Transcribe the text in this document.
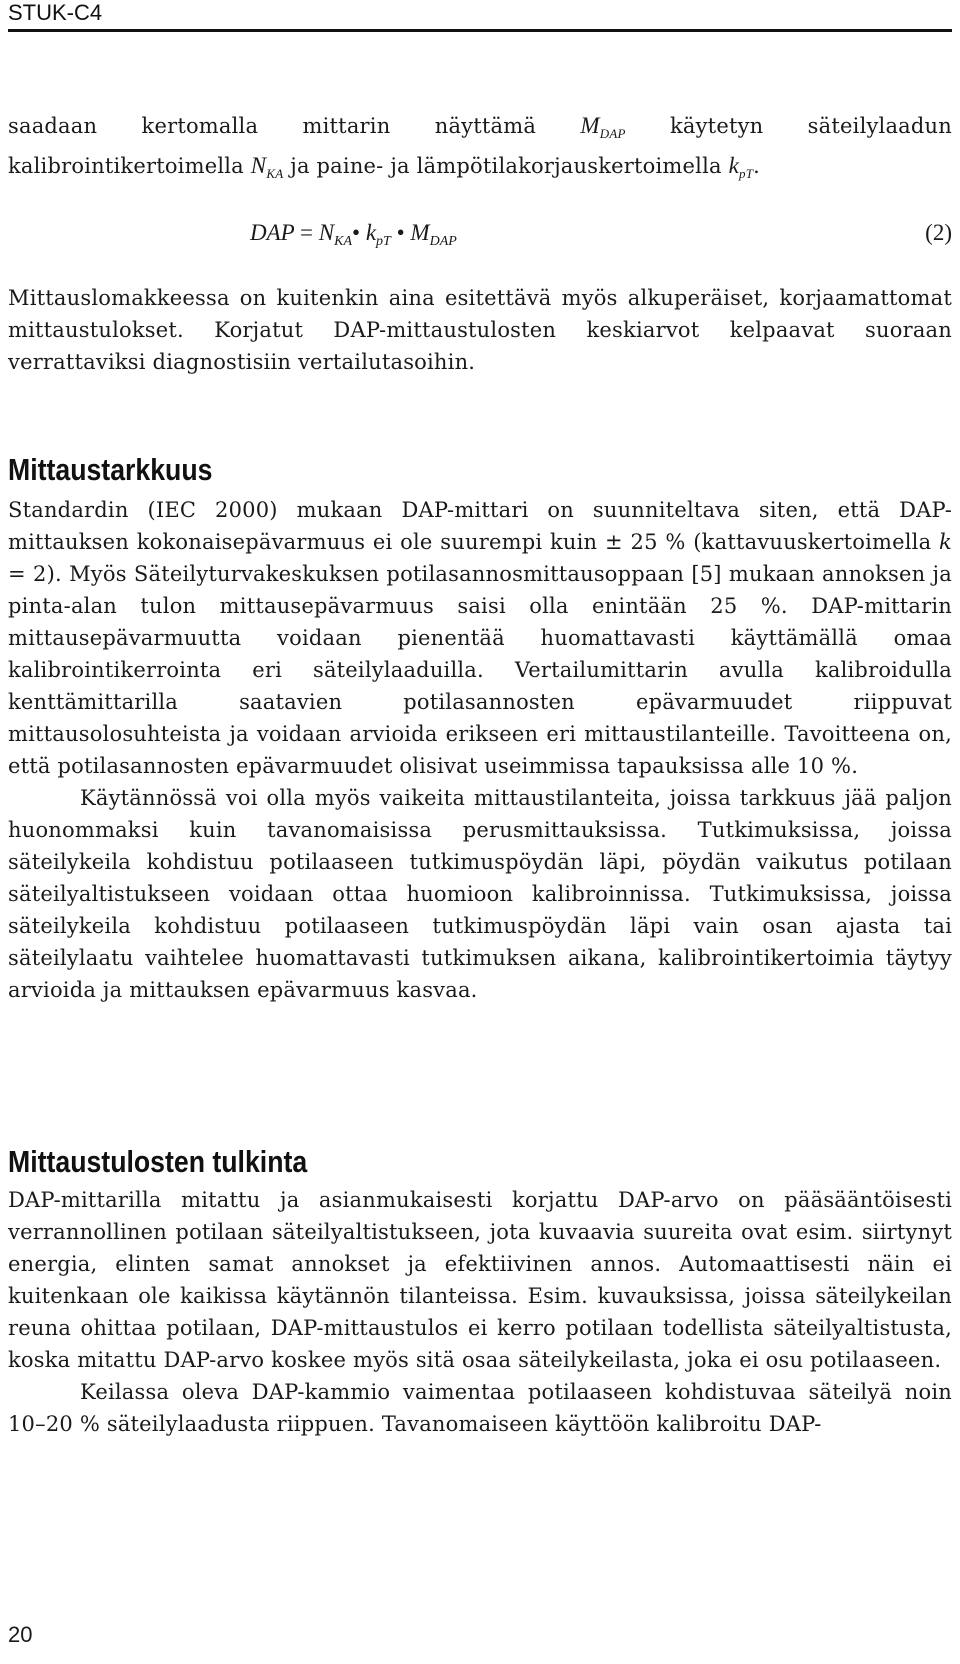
STUK-C4

saadaan kertomalla mittarin näyttämä $M_{DAP}$ käytetyn säteilylaadun kalibrointikertoimella $N_{KA}$ ja paine- ja lämpötilakorjauskertoimella $k_{pT}$.

DAP = $N_{KA}•$ $k_{pT}$ • $M_{DAP}$	(2)

Mittauslomakkeessa on kuitenkin aina esitettävä myös alkuperäiset, korjaamattomat mittaustulokset. Korjatut DAP-mittaustulosten keskiarvot kelpaavat suoraan verrattaviksi diagnostisiin vertailutasoihin.

Mittaustarkkuus

Standardin (IEC 2000) mukaan DAP-mittari on suunniteltava siten, että DAP-mittauksen kokonaisepävarmuus ei ole suurempi kuin ± 25 % (kattavuuskertoimella k = 2). Myös Säteilyturvakeskuksen potilasannosmittausoppaan [5] mukaan annoksen ja pinta-alan tulon mittausepävarmuus saisi olla enintään 25 %. DAP-mittarin mittausepävarmuutta voidaan pienentää huomattavasti käyttämällä omaa kalibrointikerrointa eri säteilylaaduilla. Vertailumittarin avulla kalibroidulla kenttämittarilla saatavien potilasannosten epävarmuudet riippuvat mittausolosuhteista ja voidaan arvioida erikseen eri mittaustilanteille. Tavoitteena on, että potilasannosten epävarmuudet olisivat useimmissa tapauksissa alle 10 %.

Käytännössä voi olla myös vaikeita mittaustilanteita, joissa tarkkuus jää paljon huonommaksi kuin tavanomaisissa perusmittauksissa. Tutkimuksissa, joissa säteilykeila kohdistuu potilaaseen tutkimuspöydän läpi, pöydän vaikutus potilaan säteilyaltistukseen voidaan ottaa huomioon kalibroinnissa. Tutkimuksissa, joissa säteilykeila kohdistuu potilaaseen tutkimuspöydän läpi vain osan ajasta tai säteilylaatu vaihtelee huomattavasti tutkimuksen aikana, kalibrointikertoimia täytyy arvioida ja mittauksen epävarmuus kasvaa.

Mittaustulosten tulkinta

DAP-mittarilla mitattu ja asianmukaisesti korjattu DAP-arvo on pääsääntöisesti verrannollinen potilaan säteilyaltistukseen, jota kuvaavia suureita ovat esim. siirtynyt energia, elinten samat annokset ja efektiivinen annos. Automaattisesti näin ei kuitenkaan ole kaikissa käytännön tilanteissa. Esim. kuvauksissa, joissa säteilykeilan reuna ohittaa potilaan, DAP-mittaustulos ei kerro potilaan todellista säteilyaltistusta, koska mitattu DAP-arvo koskee myös sitä osaa säteilykeilasta, joka ei osu potilaaseen.

Keilassa oleva DAP-kammio vaimentaa potilaaseen kohdistuvaa säteilyä noin 10–20 % säteilylaadusta riippuen. Tavanomaiseen käyttöön kalibroitu DAP-

20
